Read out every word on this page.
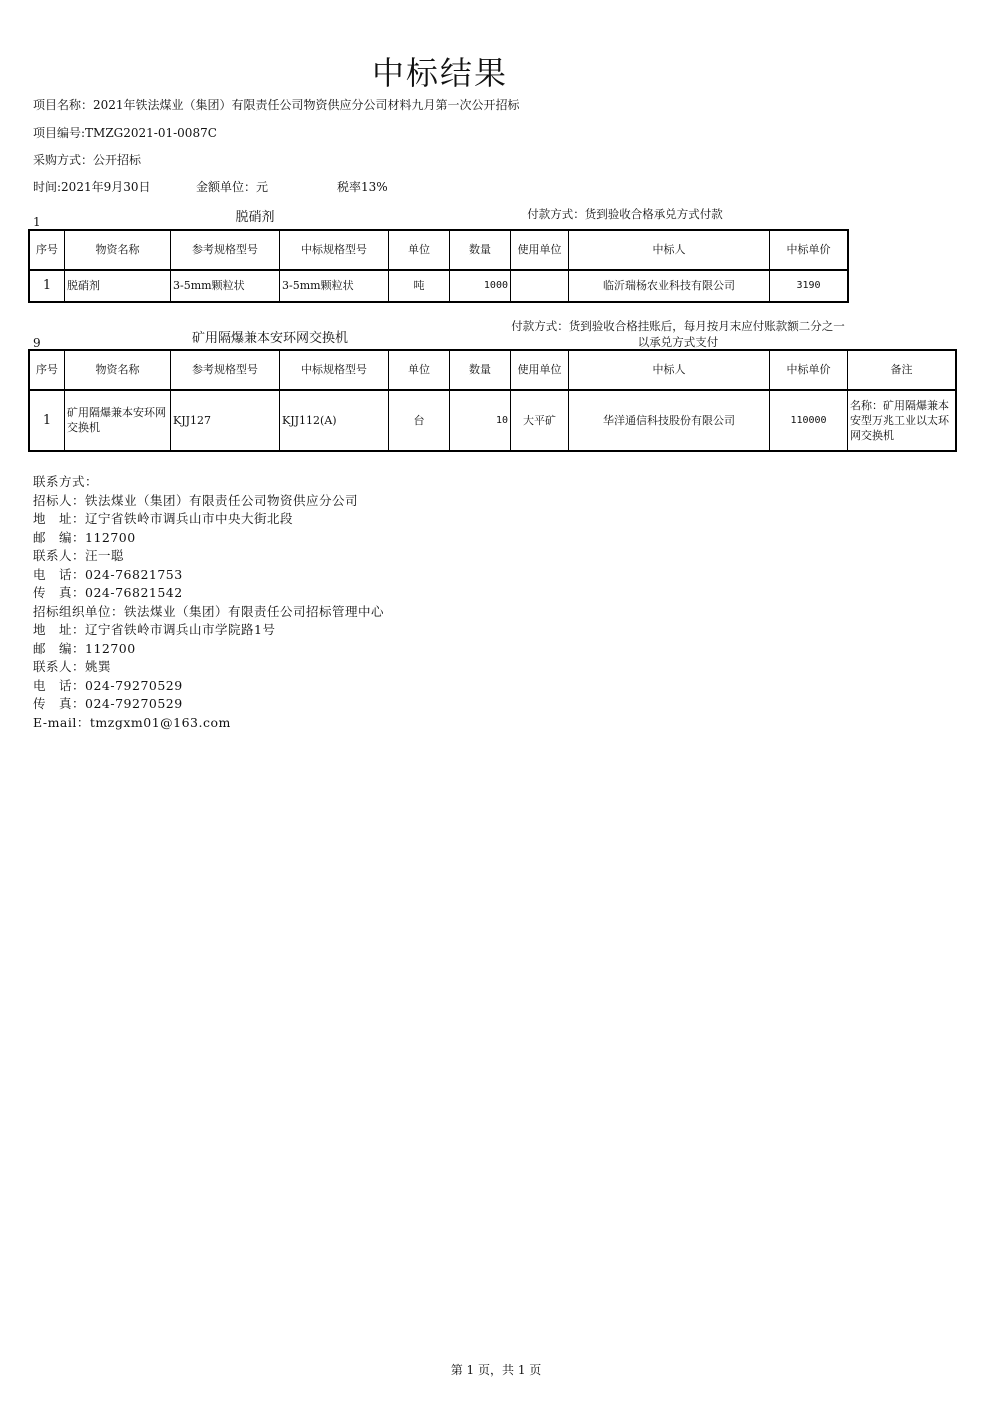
中标结果
项目名称：2021年铁法煤业（集团）有限责任公司物资供应分公司材料九月第一次公开招标
项目编号:TMZG2021-01-0087C
采购方式：公开招标
时间:2021年9月30日	金额单位：元	税率13%
1	脱硝剂	付款方式：货到验收合格承兑方式付款
序号	物资名称	参考规格型号	中标规格型号	单位	数量	使用单位	中标人	中标单价
1	脱硝剂	3-5mm颗粒状	3-5mm颗粒状	吨	1000		临沂瑞杨农业科技有限公司	3190
9	矿用隔爆兼本安环网交换机
付款方式：货到验收合格挂账后，每月按月末应付账款额二分之一以承兑方式支付
序号	物资名称	参考规格型号	中标规格型号	单位	数量	使用单位	中标人	中标单价	备注
1	矿用隔爆兼本安环网交换机	KJJ127	KJJ112(A)	台	10	大平矿	华洋通信科技股份有限公司	110000	名称：矿用隔爆兼本安型万兆工业以太环网交换机
联系方式：
招标人：铁法煤业（集团）有限责任公司物资供应分公司
地　址：辽宁省铁岭市调兵山市中央大街北段
邮　编：112700
联系人：汪一聪
电　话：024-76821753
传　真：024-76821542
招标组织单位：铁法煤业（集团）有限责任公司招标管理中心
地　址：辽宁省铁岭市调兵山市学院路1号
邮　编：112700
联系人：姚巽
电　话：024-79270529
传　真：024-79270529
E-mail：tmzgxm01@163.com
第 1 页，共 1 页
